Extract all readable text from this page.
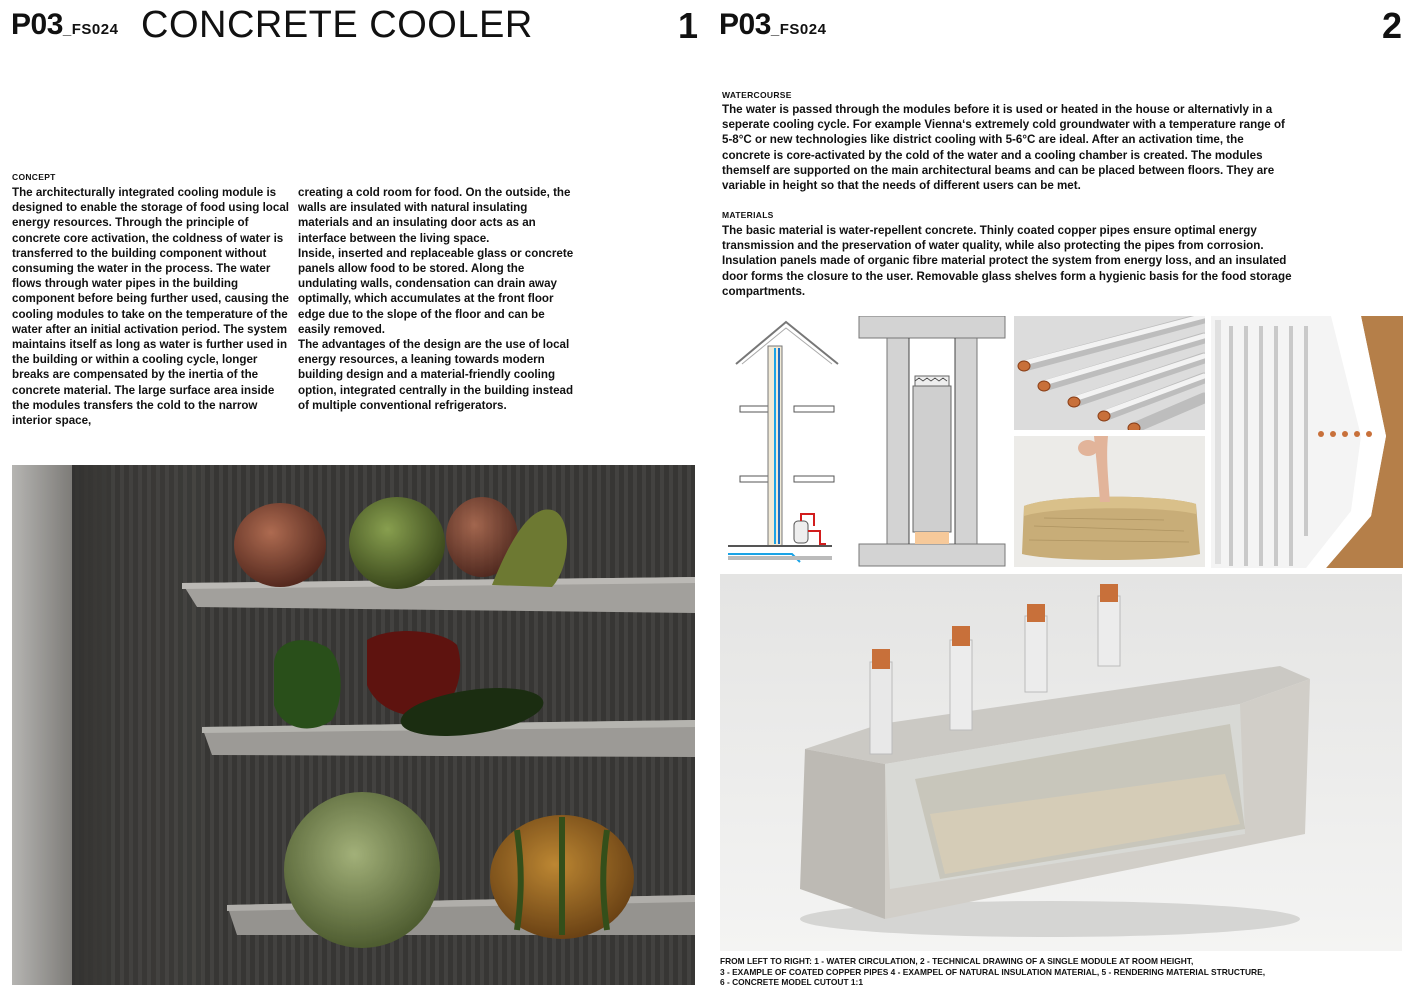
P03_FS024 CONCRETE COOLER	1
CONCEPT

The architecturally integrated cooling module is designed to enable the storage of food using local energy resources. Through the principle of concrete core activation, the coldness of water is transferred to the building component without consuming the water in the process. The water flows through water pipes in the building component before being further used, causing the cooling modules to take on the temperature of the water after an initial activation period. The system maintains itself as long as water is further used in the building or within a cooling cycle, longer breaks are compensated by the inertia of the concrete material. The large surface area inside the modules transfers the cold to the narrow interior space,

creating a cold room for food. On the outside, the walls are insulated with natural insulating materials and an insulating door acts as an interface between the living space.

Inside, inserted and replaceable glass or concrete panels allow food to be stored. Along the undulating walls, condensation can drain away optimally, which accumulates at the front floor edge due to the slope of the floor and can be easily removed.

The advantages of the design are the use of local energy resources, a leaning towards modern building design and a material-friendly cooling option, integrated centrally in the building instead of multiple conventional refrigerators.

P03_FS024	2
WATERCOURSE
The water is passed through the modules before it is used or heated in the house or alternativly in a seperate cooling cycle. For example Vienna‘s extremely cold groundwater with a temperature range of 5-8°C or new technologies like district cooling with 5-6°C are ideal. After an activation time, the concrete is core-activated by the cold of the water and a cooling chamber is created. The modules themself are supported on the main architectural beams and can be placed between floors. They are variable in height so that the needs of different users can be met.
MATERIALS
The basic material is water-repellent concrete. Thinly coated copper pipes ensure optimal energy transmission and the preservation of water quality, while also protecting the pipes from corrosion. Insulation panels made of organic fibre material protect the system from energy loss, and an insulated door forms the closure to the user. Removable glass shelves form a hygienic basis for the food storage compartments.
FROM LEFT TO RIGHT: 1 - WATER CIRCULATION, 2 - TECHNICAL DRAWING OF A SINGLE MODULE AT ROOM HEIGHT,
3 - EXAMPLE OF COATED COPPER PIPES 4 - EXAMPEL OF NATURAL INSULATION MATERIAL, 5 - RENDERING MATERIAL STRUCTURE,
6 - CONCRETE MODEL CUTOUT 1:1
